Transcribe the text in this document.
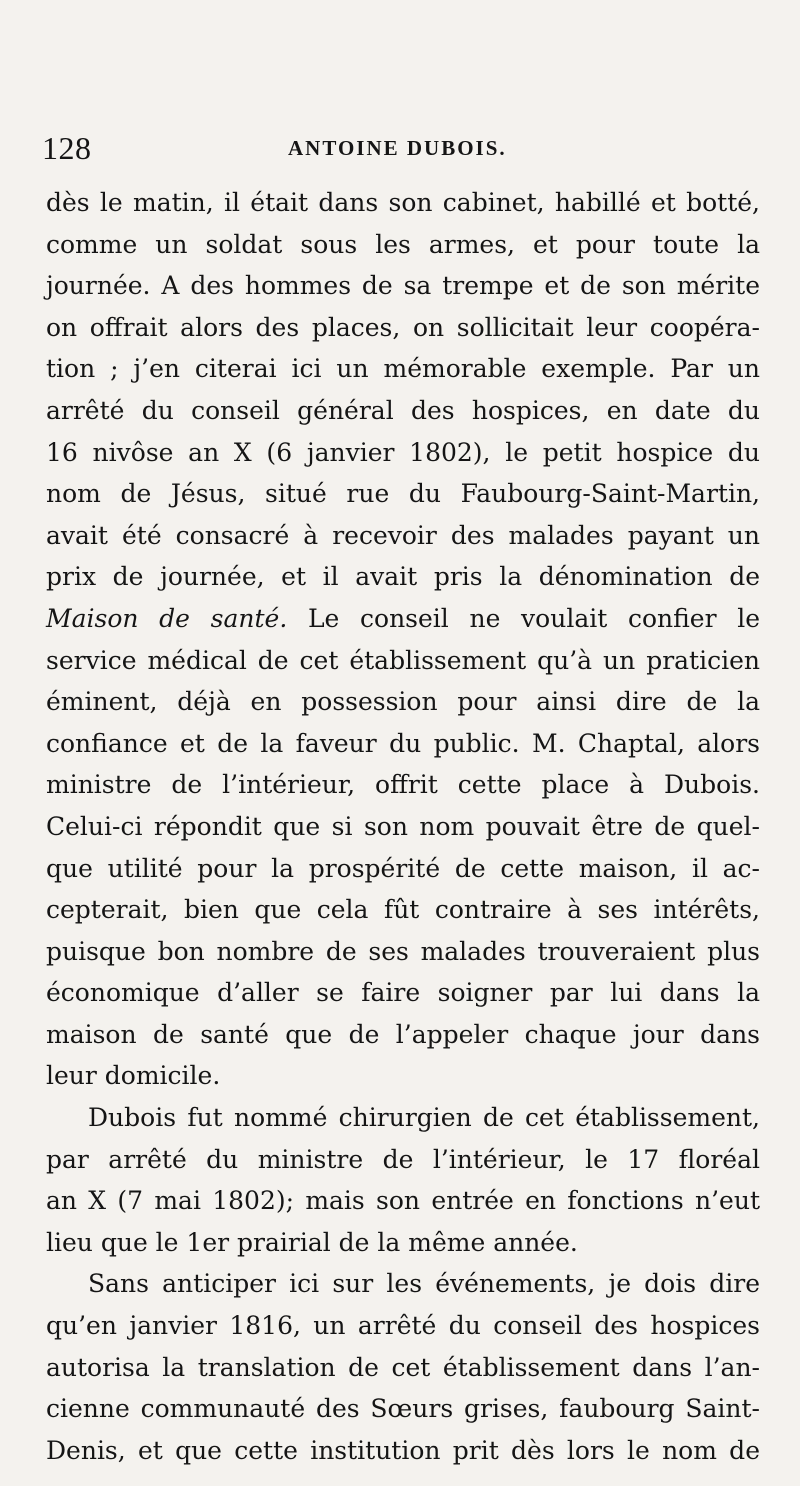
128	ANTOINE DUBOIS.
dès le matin, il était dans son cabinet, habillé et botté,
comme un soldat sous les armes, et pour toute la
journée. A des hommes de sa trempe et de son mérite
on offrait alors des places, on sollicitait leur coopéra-
tion ; j’en citerai ici un mémorable exemple. Par un
arrêté du conseil général des hospices, en date du
16 nivôse an X (6 janvier 1802), le petit hospice du
nom de Jésus, situé rue du Faubourg-Saint-Martin,
avait été consacré à recevoir des malades payant un
prix de journée, et il avait pris la dénomination de
Maison de santé. Le conseil ne voulait confier le
service médical de cet établissement qu’à un praticien
éminent, déjà en possession pour ainsi dire de la
confiance et de la faveur du public. M. Chaptal, alors
ministre de l’intérieur, offrit cette place à Dubois.
Celui-ci répondit que si son nom pouvait être de quel-
que utilité pour la prospérité de cette maison, il ac-
cepterait, bien que cela fût contraire à ses intérêts,
puisque bon nombre de ses malades trouveraient plus
économique d’aller se faire soigner par lui dans la
maison de santé que de l’appeler chaque jour dans
leur domicile.
Dubois fut nommé chirurgien de cet établissement,
par arrêté du ministre de l’intérieur, le 17 floréal
an X (7 mai 1802); mais son entrée en fonctions n’eut
lieu que le 1er prairial de la même année.
Sans anticiper ici sur les événements, je dois dire
qu’en janvier 1816, un arrêté du conseil des hospices
autorisa la translation de cet établissement dans l’an-
cienne communauté des Sœurs grises, faubourg Saint-
Denis, et que cette institution prit dès lors le nom de
